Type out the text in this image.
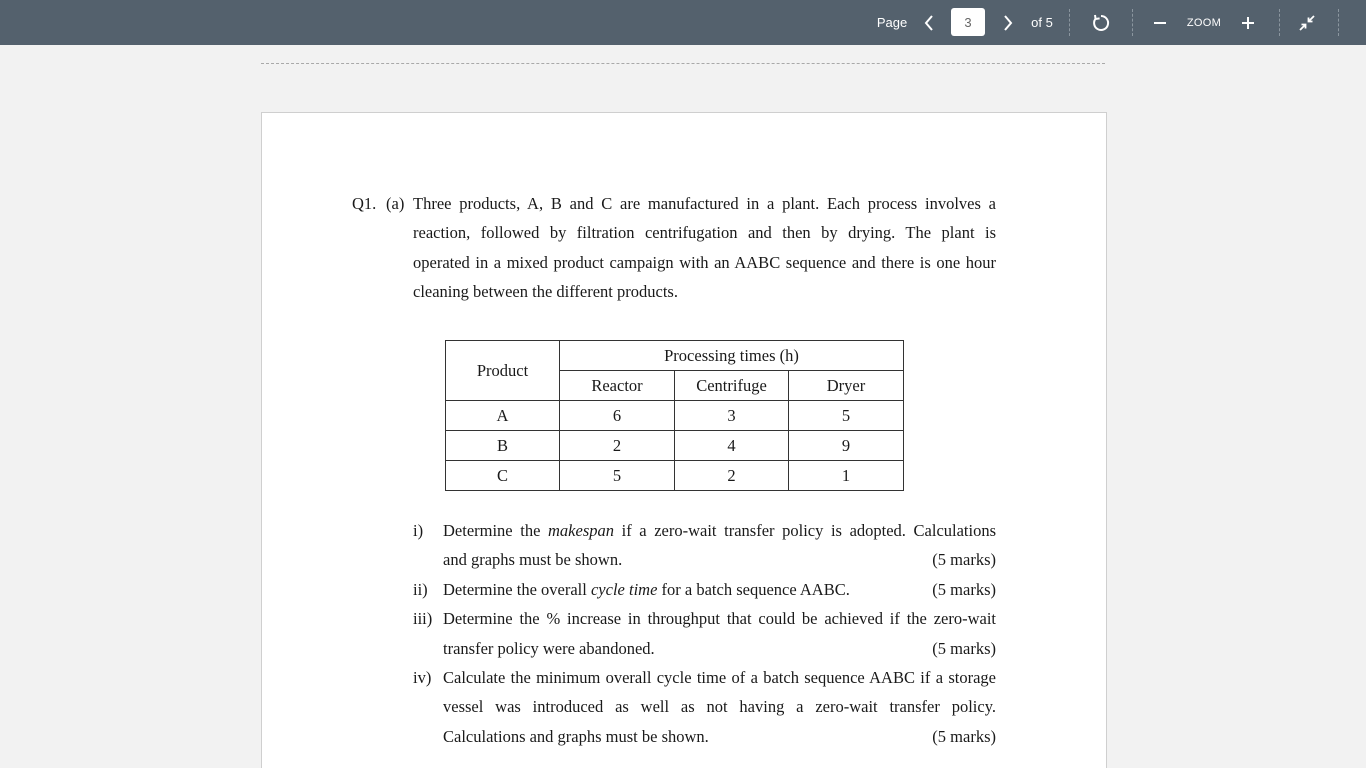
Page
3	of 5	ZOOM
Q1. (a) Three products, A, B and C are manufactured in a plant. Each process involves a
reaction, followed by filtration centrifugation and then by drying. The plant is
operated in a mixed product campaign with an AABC sequence and there is one hour
cleaning between the different products.
Product	Processing times (h)		
	Reactor	Centrifuge	Dryer
A	6	3	5
B	2	4	9
C	5	2	1
i) Determine the makespan if a zero-wait transfer policy is adopted. Calculations
and graphs must be shown.	(5 marks)
ii) Determine the overall cycle time for a batch sequence AABC.	(5 marks)
iii) Determine the % increase in throughput that could be achieved if the zero-wait
transfer policy were abandoned.	(5 marks)
iv) Calculate the minimum overall cycle time of a batch sequence AABC if a storage
vessel was introduced as well as not having a zero-wait transfer policy.
Calculations and graphs must be shown.	(5 marks)
